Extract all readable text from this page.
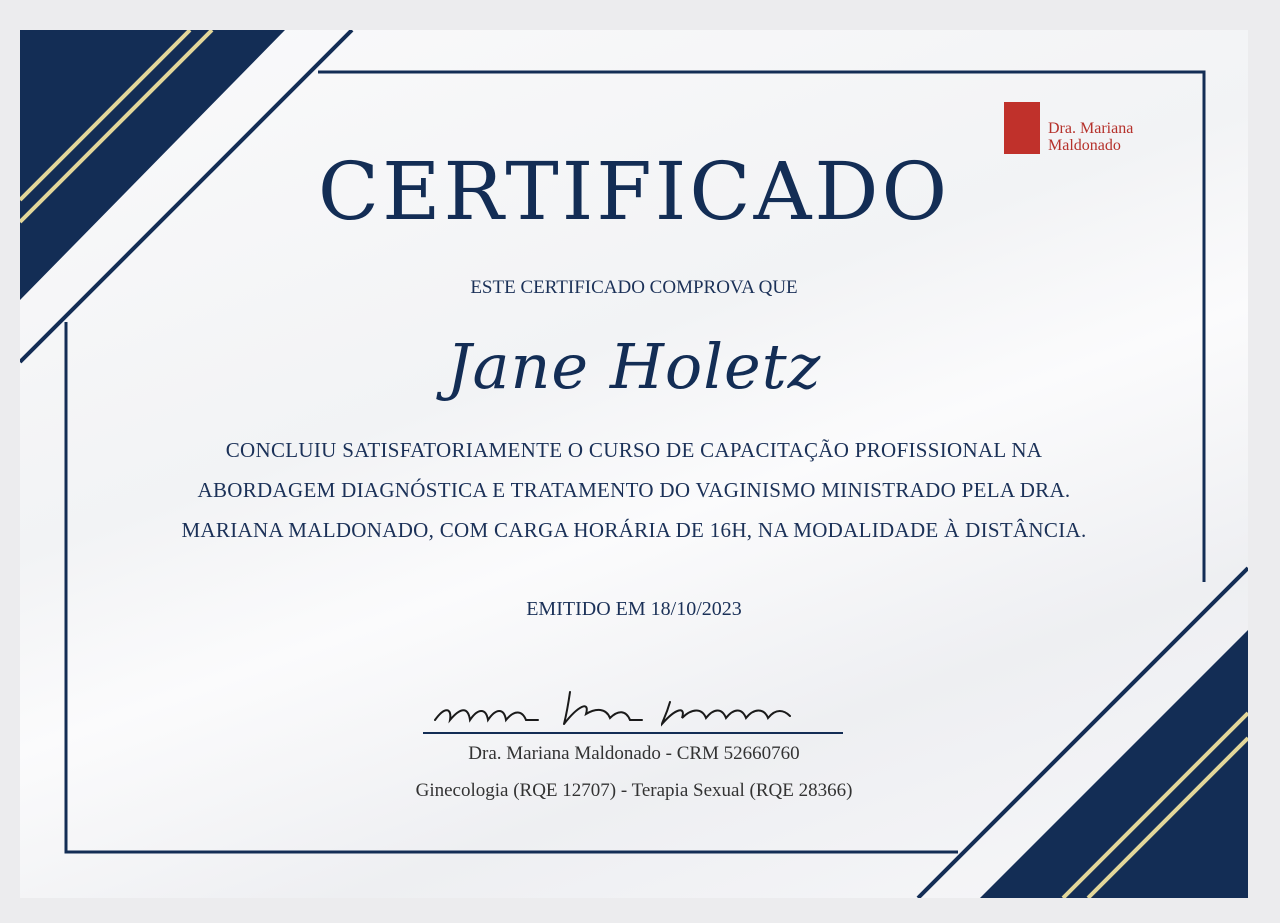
Dra. Mariana
Maldonado
CERTIFICADO
ESTE CERTIFICADO COMPROVA QUE
Jane Holetz
CONCLUIU SATISFATORIAMENTE O CURSO DE CAPACITAÇÃO PROFISSIONAL NA
ABORDAGEM DIAGNÓSTICA E TRATAMENTO DO VAGINISMO MINISTRADO PELA DRA.
MARIANA MALDONADO, COM CARGA HORÁRIA DE 16H, NA MODALIDADE À DISTÂNCIA.
EMITIDO EM 18/10/2023
Dra. Mariana Maldonado - CRM 52660760
Ginecologia (RQE 12707) - Terapia Sexual (RQE 28366)
